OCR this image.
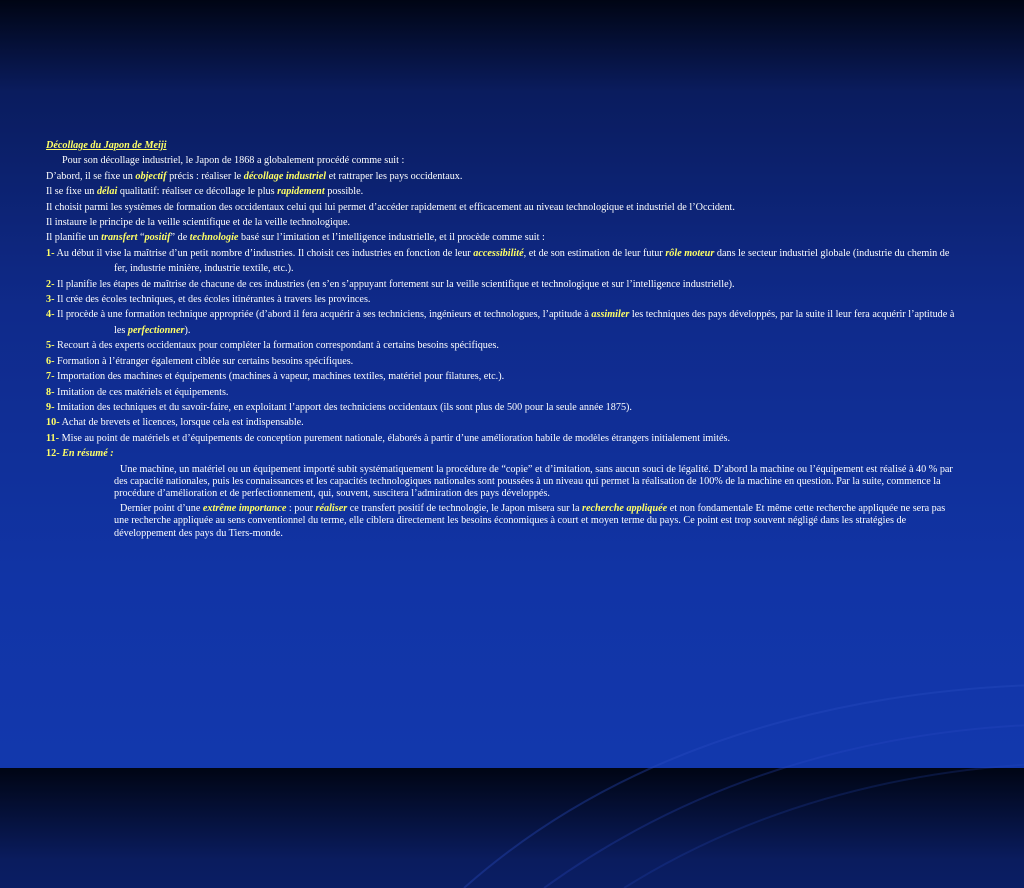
Décollage du Japon de Meiji

Pour son décollage industriel, le Japon de 1868 a globalement procédé comme suit :

D’abord, il se fixe un objectif précis : réaliser le décollage industriel et rattraper les pays occidentaux.

Il se fixe un délai qualitatif: réaliser ce décollage le plus rapidement possible.

Il choisit parmi les systèmes de formation des occidentaux celui qui lui permet d’accéder rapidement et efficacement au niveau technologique et industriel de l’Occident.

Il instaure le principe de la veille scientifique et de la veille technologique.

Il planifie un transfert “positif” de technologie basé sur l’imitation et l’intelligence industrielle, et il procède comme suit :

1- Au début il vise la maîtrise d’un petit nombre d’industries. Il choisit ces industries en fonction de leur accessibilité, et de son estimation de leur futur rôle moteur dans le secteur industriel globale (industrie du chemin de fer, industrie minière, industrie textile, etc.).

2- Il planifie les étapes de maîtrise de chacune de ces industries (en s’en s’appuyant fortement sur la veille scientifique et technologique et sur l’intelligence industrielle).

3- Il crée des écoles techniques, et des écoles itinérantes à travers les provinces.

4- Il procède à une formation technique appropriée (d’abord il fera acquérir à ses techniciens, ingénieurs et technologues, l’aptitude à assimiler les techniques des pays développés, par la suite il leur fera acquérir l’aptitude à les perfectionner).

5- Recourt à des experts occidentaux pour compléter la formation correspondant à certains besoins spécifiques.

6- Formation à l’étranger également ciblée sur certains besoins spécifiques.

7- Importation des machines et équipements (machines à vapeur, machines textiles, matériel pour filatures, etc.).

8- Imitation de ces matériels et équipements.

9- Imitation des techniques et du savoir-faire, en exploitant l’apport des techniciens occidentaux (ils sont plus de 500 pour la seule année 1875).

10- Achat de brevets et licences, lorsque cela est indispensable.

11- Mise au point de matériels et d’équipements de conception purement nationale, élaborés à partir d’une amélioration habile de modèles étrangers initialement imités.

12- En résumé :

Une machine, un matériel ou un équipement importé subit systématiquement la procédure de “copie” et d’imitation, sans aucun souci de légalité. D’abord la machine ou l’équipement est réalisé à 40 % par des capacité nationales, puis les connaissances et les capacités technologiques nationales sont poussées à un niveau qui permet la réalisation de 100% de la machine en question. Par la suite, commence la procédure d’amélioration et de perfectionnement, qui, souvent, suscitera l’admiration des pays développés.

Dernier point d’une extrême importance : pour réaliser ce transfert positif de technologie, le Japon misera sur la recherche appliquée et non fondamentale Et même cette recherche appliquée ne sera pas une recherche appliquée au sens conventionnel du terme, elle ciblera directement les besoins économiques à court et moyen terme du pays. Ce point est trop souvent négligé dans les stratégies de développement des pays du Tiers-monde.
